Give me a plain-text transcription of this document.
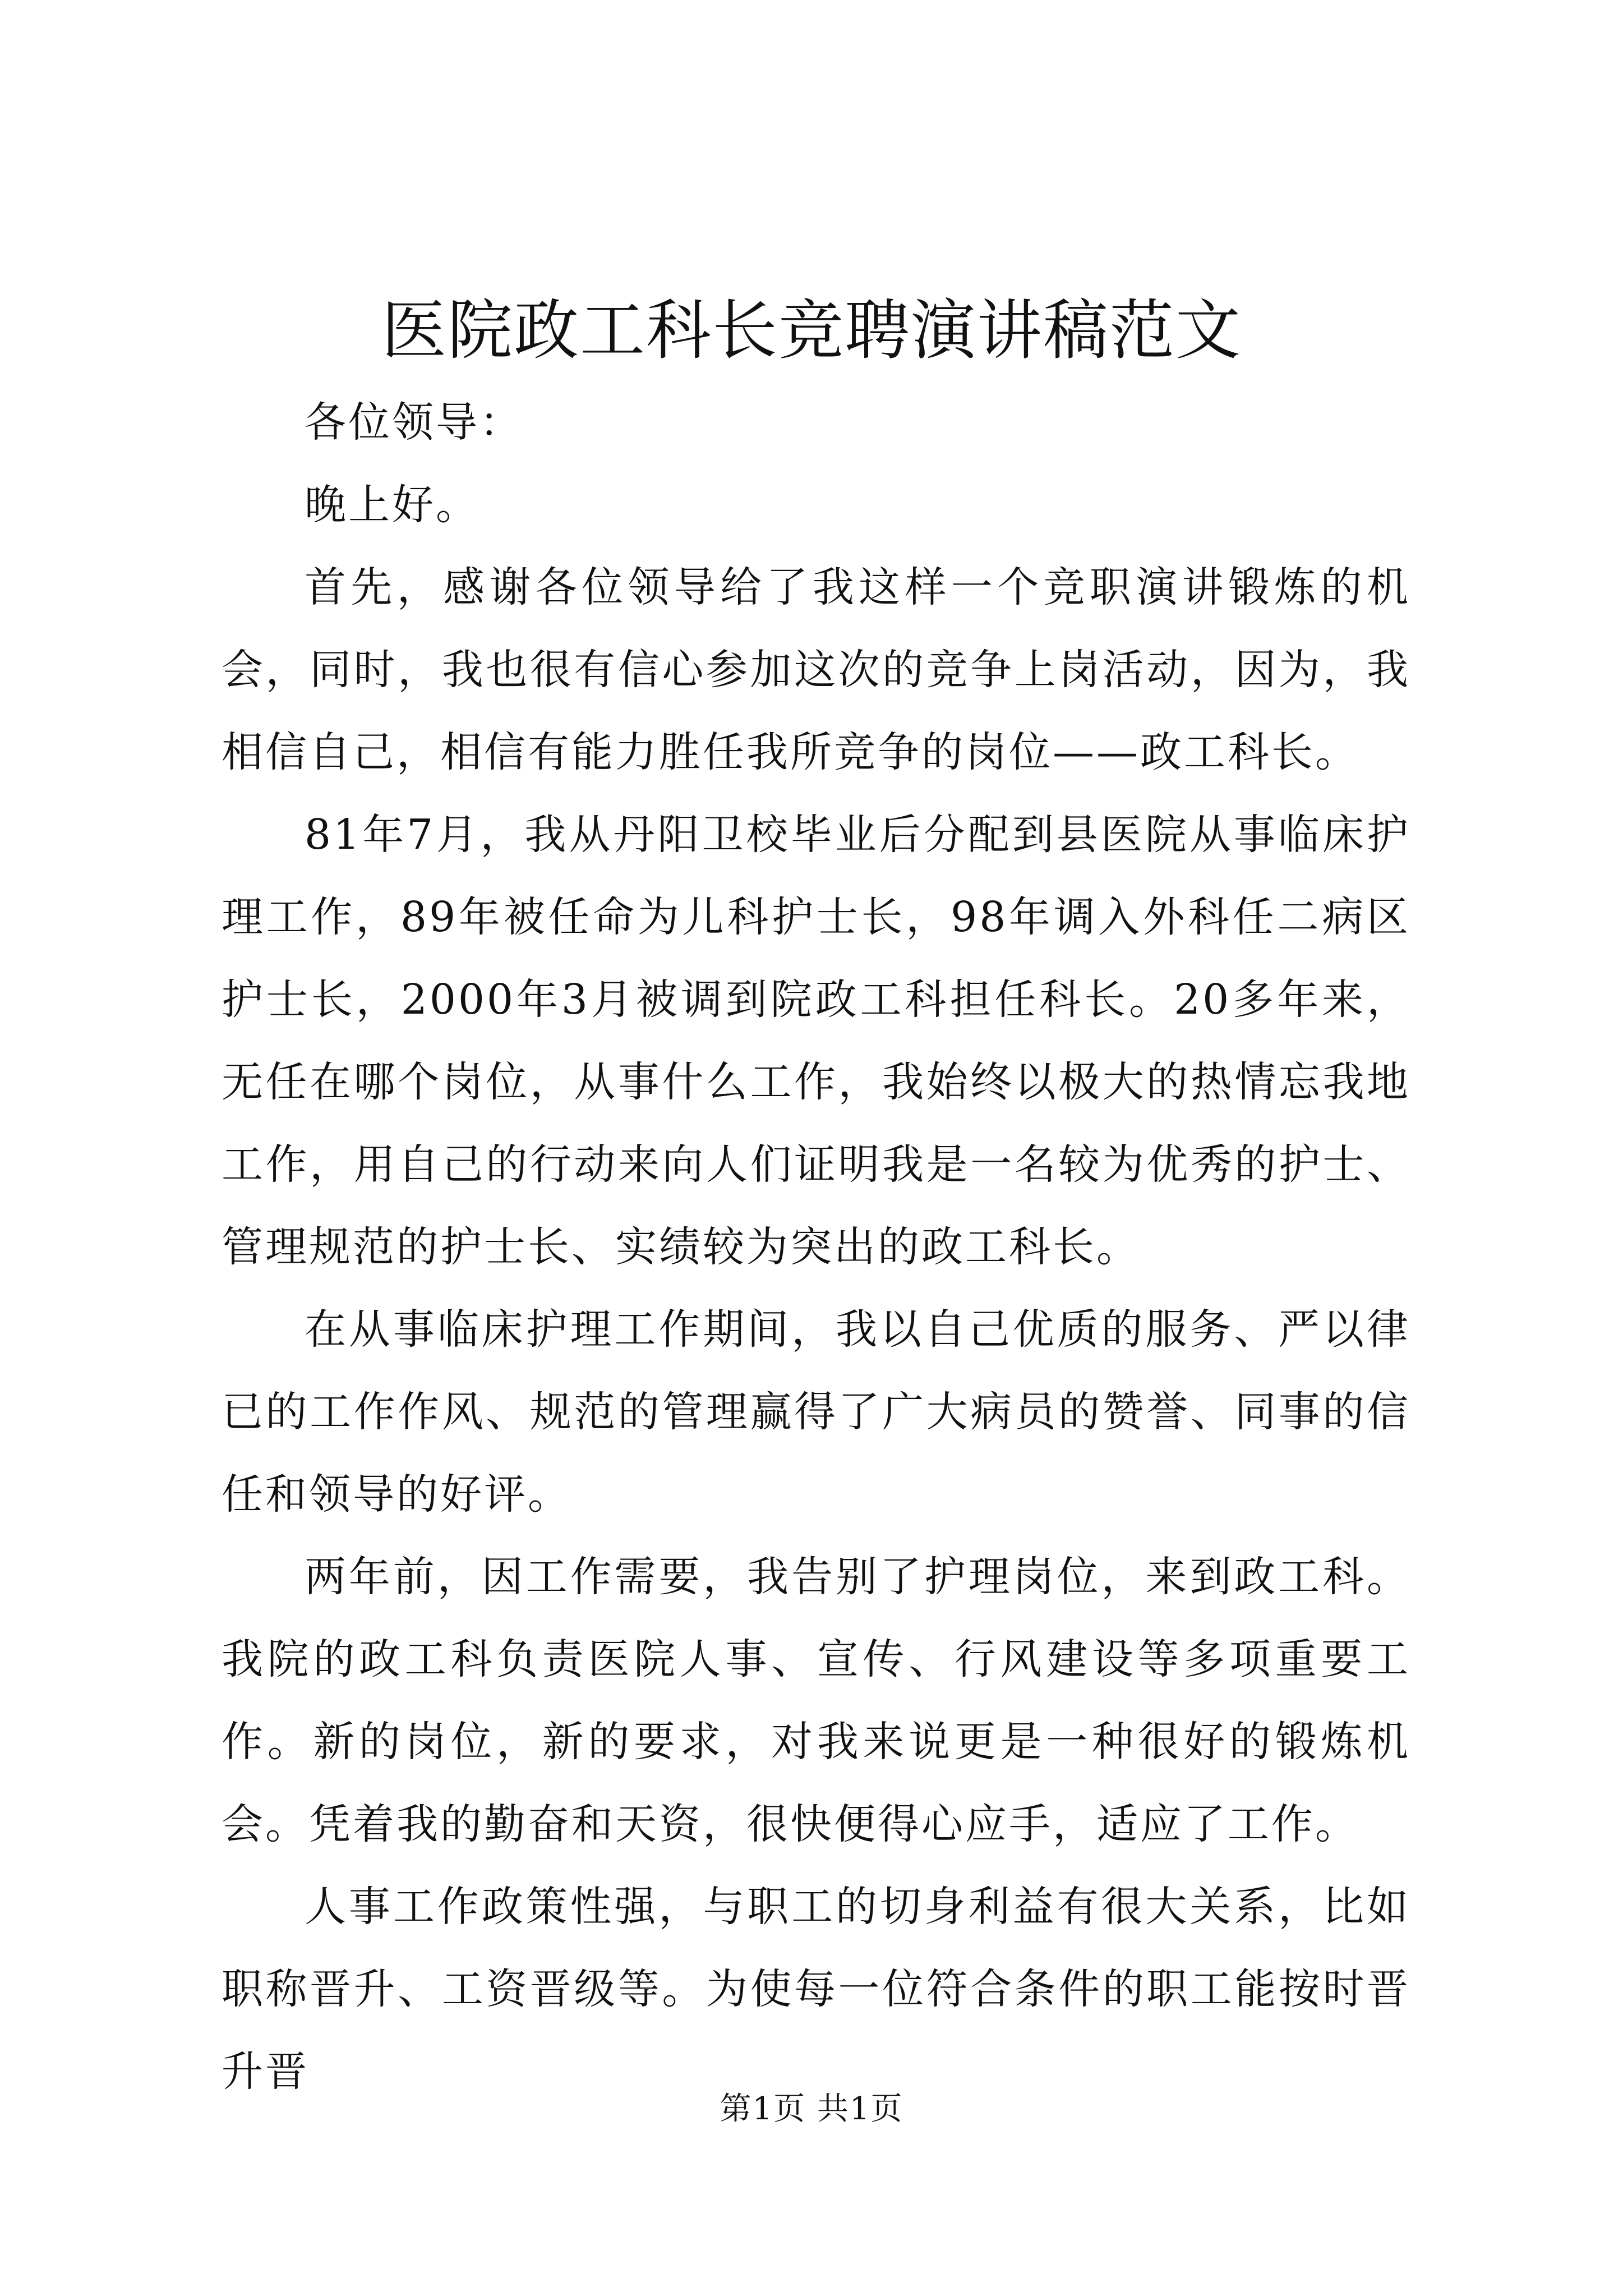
医院政工科长竞聘演讲稿范文

各位领导：

晚上好。

首先，感谢各位领导给了我这样一个竞职演讲锻炼的机会，同时，我也很有信心参加这次的竞争上岗活动，因为，我相信自己，相信有能力胜任我所竞争的岗位——政工科长。

81年7月，我从丹阳卫校毕业后分配到县医院从事临床护理工作，89年被任命为儿科护士长，98年调入外科任二病区护士长，2000年3月被调到院政工科担任科长。20多年来，无任在哪个岗位，从事什么工作，我始终以极大的热情忘我地工作，用自己的行动来向人们证明我是一名较为优秀的护士、管理规范的护士长、实绩较为突出的政工科长。

在从事临床护理工作期间，我以自己优质的服务、严以律已的工作作风、规范的管理赢得了广大病员的赞誉、同事的信任和领导的好评。

两年前，因工作需要，我告别了护理岗位，来到政工科。我院的政工科负责医院人事、宣传、行风建设等多项重要工作。新的岗位，新的要求，对我来说更是一种很好的锻炼机会。凭着我的勤奋和天资，很快便得心应手，适应了工作。

人事工作政策性强，与职工的切身利益有很大关系，比如职称晋升、工资晋级等。为使每一位符合条件的职工能按时晋升晋

第1页 共1页
